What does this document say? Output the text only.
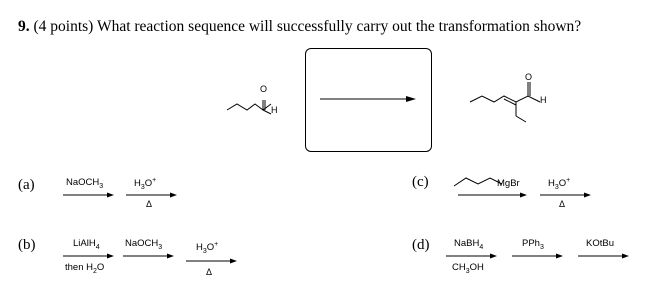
9. (4 points) What reaction sequence will successfully carry out the transformation shown?
O
H
O
H
(a)	NaOCH$_3$	$H_3O^+$
Δ
(b)	LiAlH$_4$
then $H_2O$
NaOCH$_3$	$H_3O^+$
Δ
(c)	MgBr	$H_3O^+$
Δ
(d)	NaBH$_4$
$CH_3OH$
PPh$_3$	KOtBu
